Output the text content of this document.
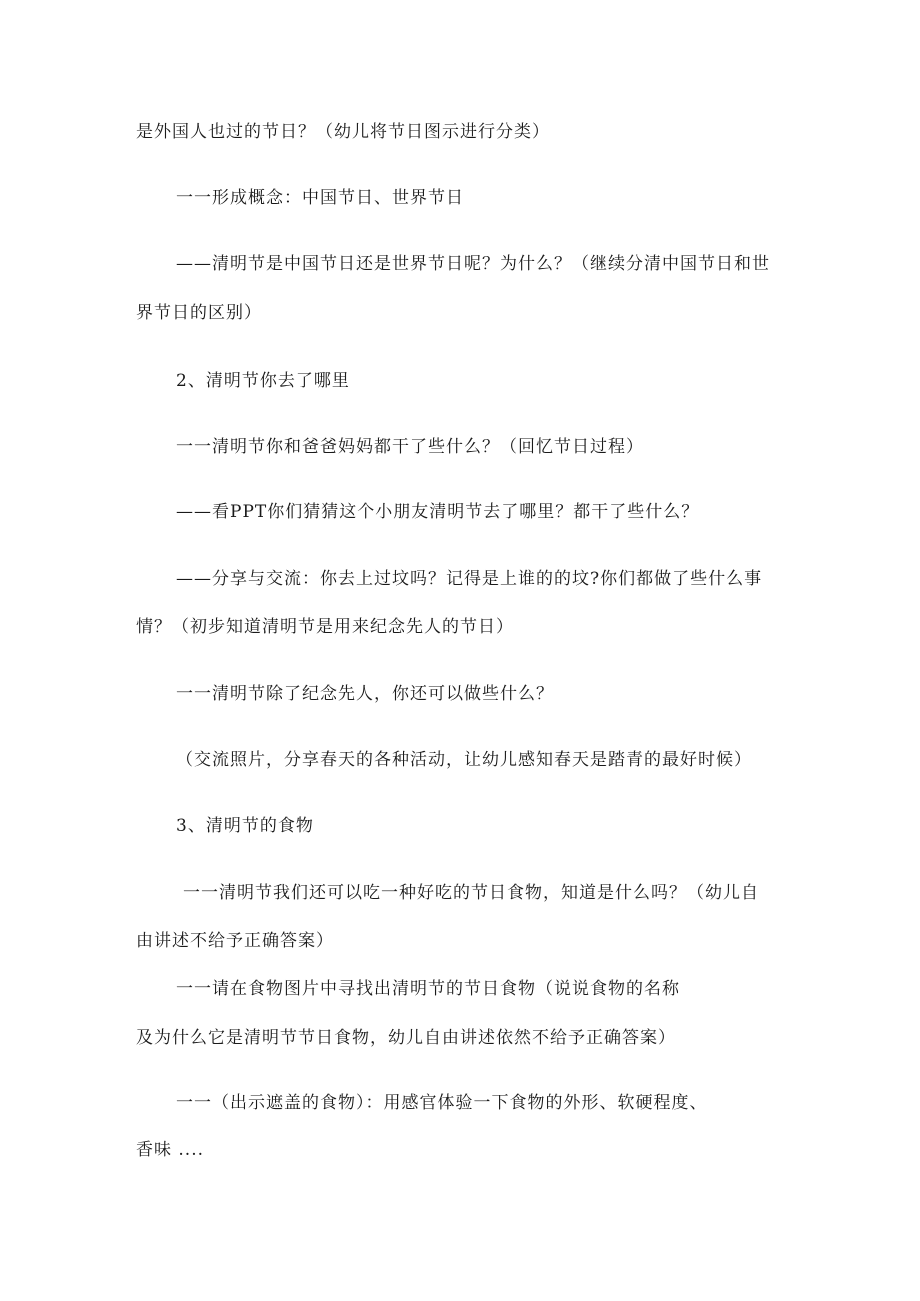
是外国人也过的节日？（幼儿将节日图示进行分类）
一一形成概念：中国节日、世界节日
——清明节是中国节日还是世界节日呢？为什么？（继续分清中国节日和世
界节日的区别）
2、清明节你去了哪里
一一清明节你和爸爸妈妈都干了些什么？（回忆节日过程）
——看PPT你们猜猜这个小朋友清明节去了哪里？都干了些什么？
——分享与交流：你去上过坟吗？记得是上谁的的坟?你们都做了些什么事
情？（初步知道清明节是用来纪念先人的节日）
一一清明节除了纪念先人，你还可以做些什么？
（交流照片，分享春天的各种活动，让幼儿感知春天是踏青的最好时候）
3、清明节的食物
一一清明节我们还可以吃一种好吃的节日食物，知道是什么吗？（幼儿自
由讲述不给予正确答案）
一一请在食物图片中寻找出清明节的节日食物（说说食物的名称
及为什么它是清明节节日食物，幼儿自由讲述依然不给予正确答案）
一一（出示遮盖的食物）：用感官体验一下食物的外形、软硬程度、
香味 ....
